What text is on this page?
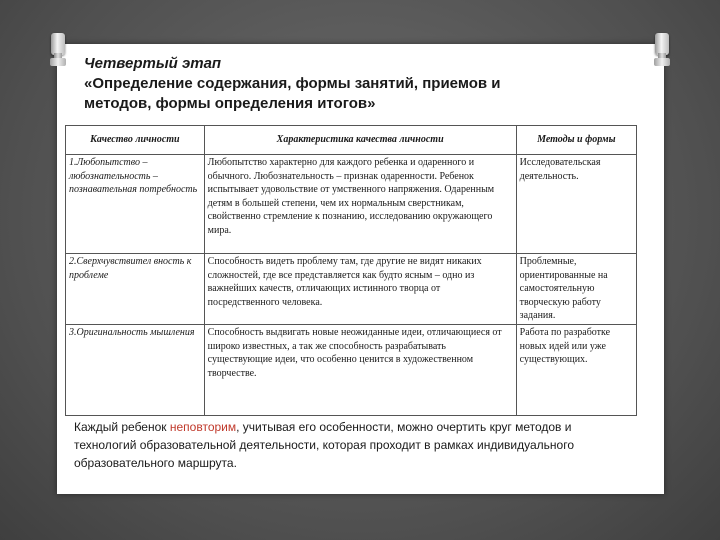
Четвертый этап
«Определение содержания, формы занятий, приемов и
методов, формы определения итогов»
Качество личности	Характеристика качества личности	Методы и формы
1.Любопытство – любознательность – познавательная потребность	Любопытство характерно для каждого ребенка и одаренного и обычного. Любознательность – признак одаренности. Ребенок испытывает удовольствие от умственного напряжения. Одаренным детям в большей степени, чем их нормальным сверстникам, свойственно стремление к познанию, исследованию окружающего мира.	Исследовательская деятельность.
2.Сверхчувствител вность к проблеме	Способность видеть проблему там, где другие не видят никаких сложностей, где все представляется как будто ясным – одно из важнейших качеств, отличающих истинного творца от посредственного человека.	Проблемные, ориентированные на самостоятельную творческую работу задания.
3.Оригинальность мышления	Способность выдвигать новые неожиданные идеи, отличающиеся от широко известных, а так же способность разрабатывать существующие идеи, что особенно ценится в художественном творчестве.	Работа по разработке новых идей или уже существующих.
Каждый ребенок неповторим, учитывая его особенности, можно очертить круг методов и технологий образовательной деятельности, которая проходит в рамках индивидуального образовательного маршрута.
